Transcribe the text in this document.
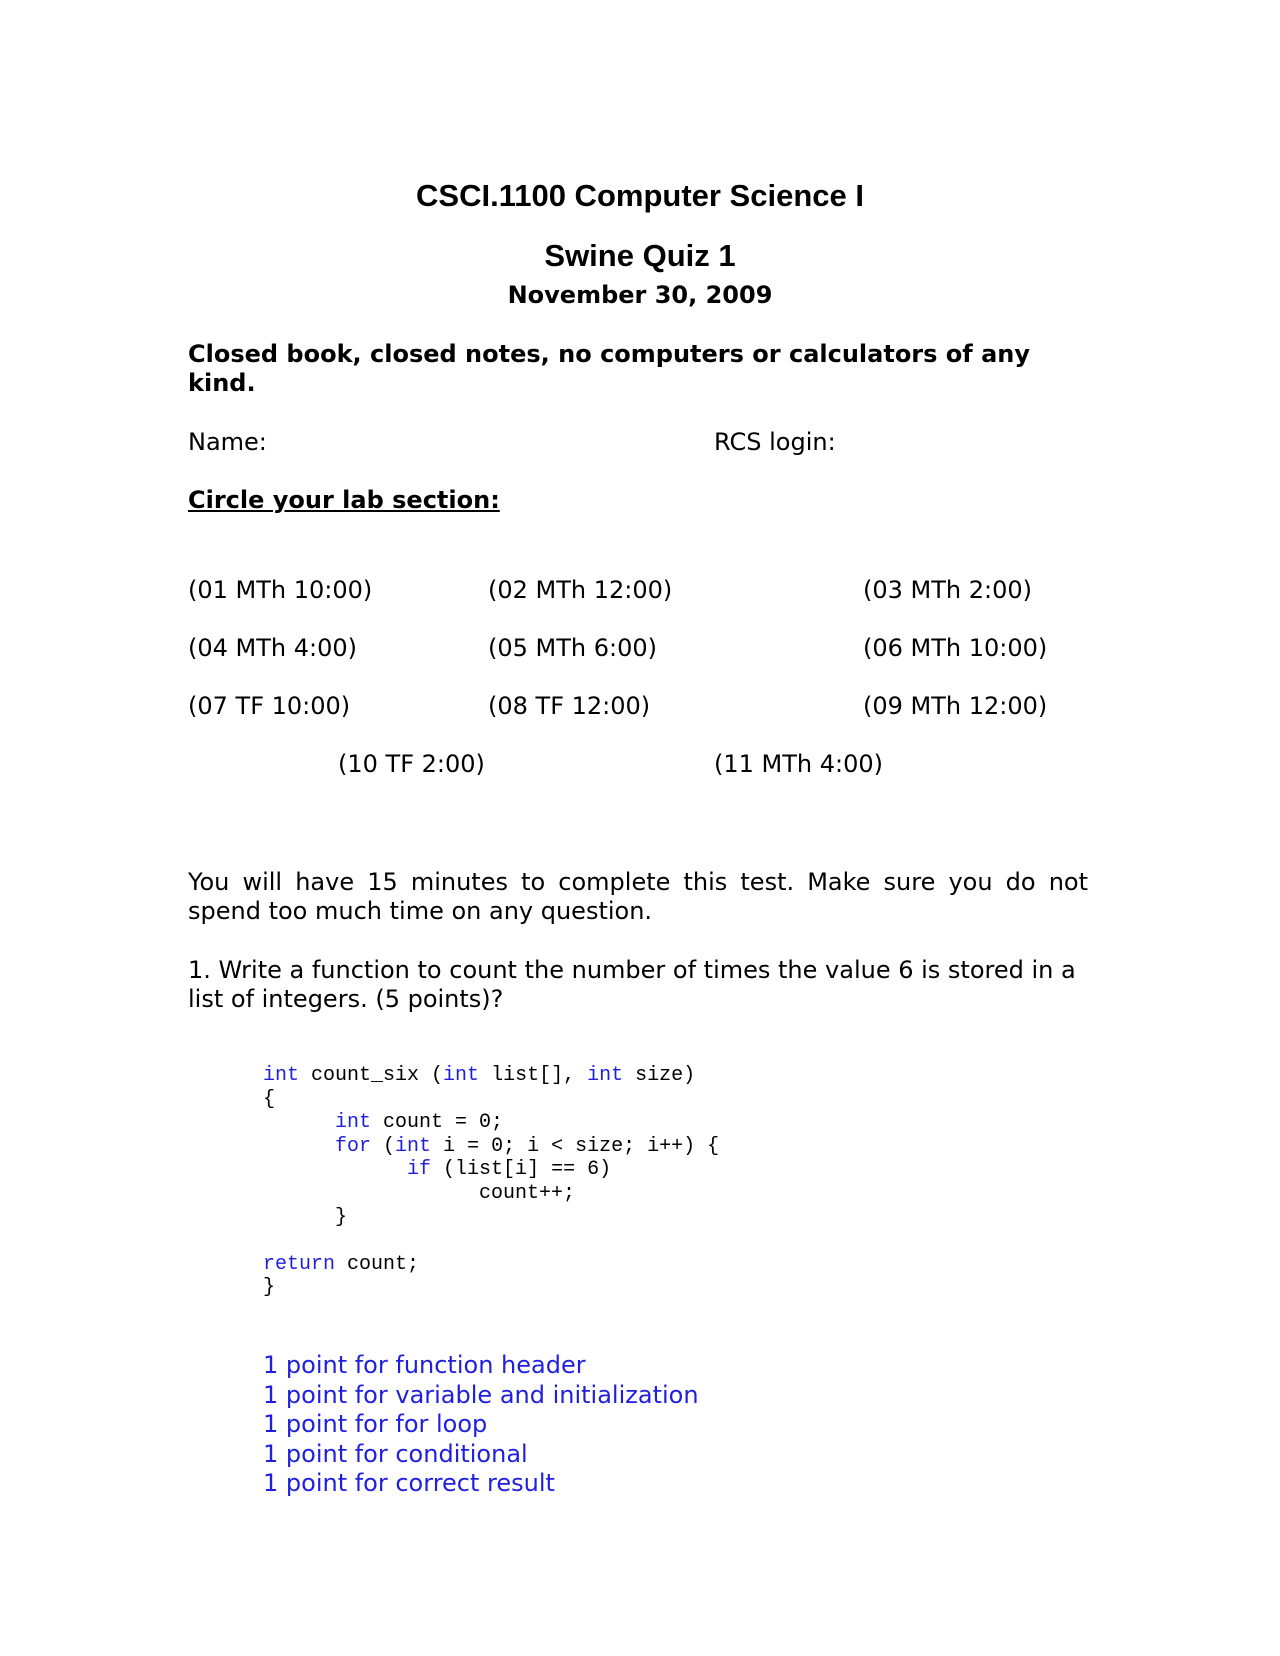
CSCI.1100 Computer Science I
Swine Quiz 1
November 30, 2009
Closed book, closed notes, no computers or calculators of any kind.
Name:	RCS login:
Circle your lab section:
(01 MTh 10:00)	(02 MTh 12:00)	(03 MTh 2:00)
(04 MTh 4:00)	(05 MTh 6:00)	(06 MTh 10:00)
(07 TF 10:00)	(08 TF 12:00)	(09 MTh 12:00)
(10 TF 2:00)	(11 MTh 4:00)
You will have 15 minutes to complete this test. Make sure you do not spend too much time on any question.
1. Write a function to count the number of times the value 6 is stored in a list of integers. (5 points)?
int count_six (int list[], int size)
{
int count = 0;
for (int i = 0; i < size; i++) {
if (list[i] == 6)
count++;
}

return count;
}
1 point for function header
1 point for variable and initialization
1 point for for loop
1 point for conditional
1 point for correct result
